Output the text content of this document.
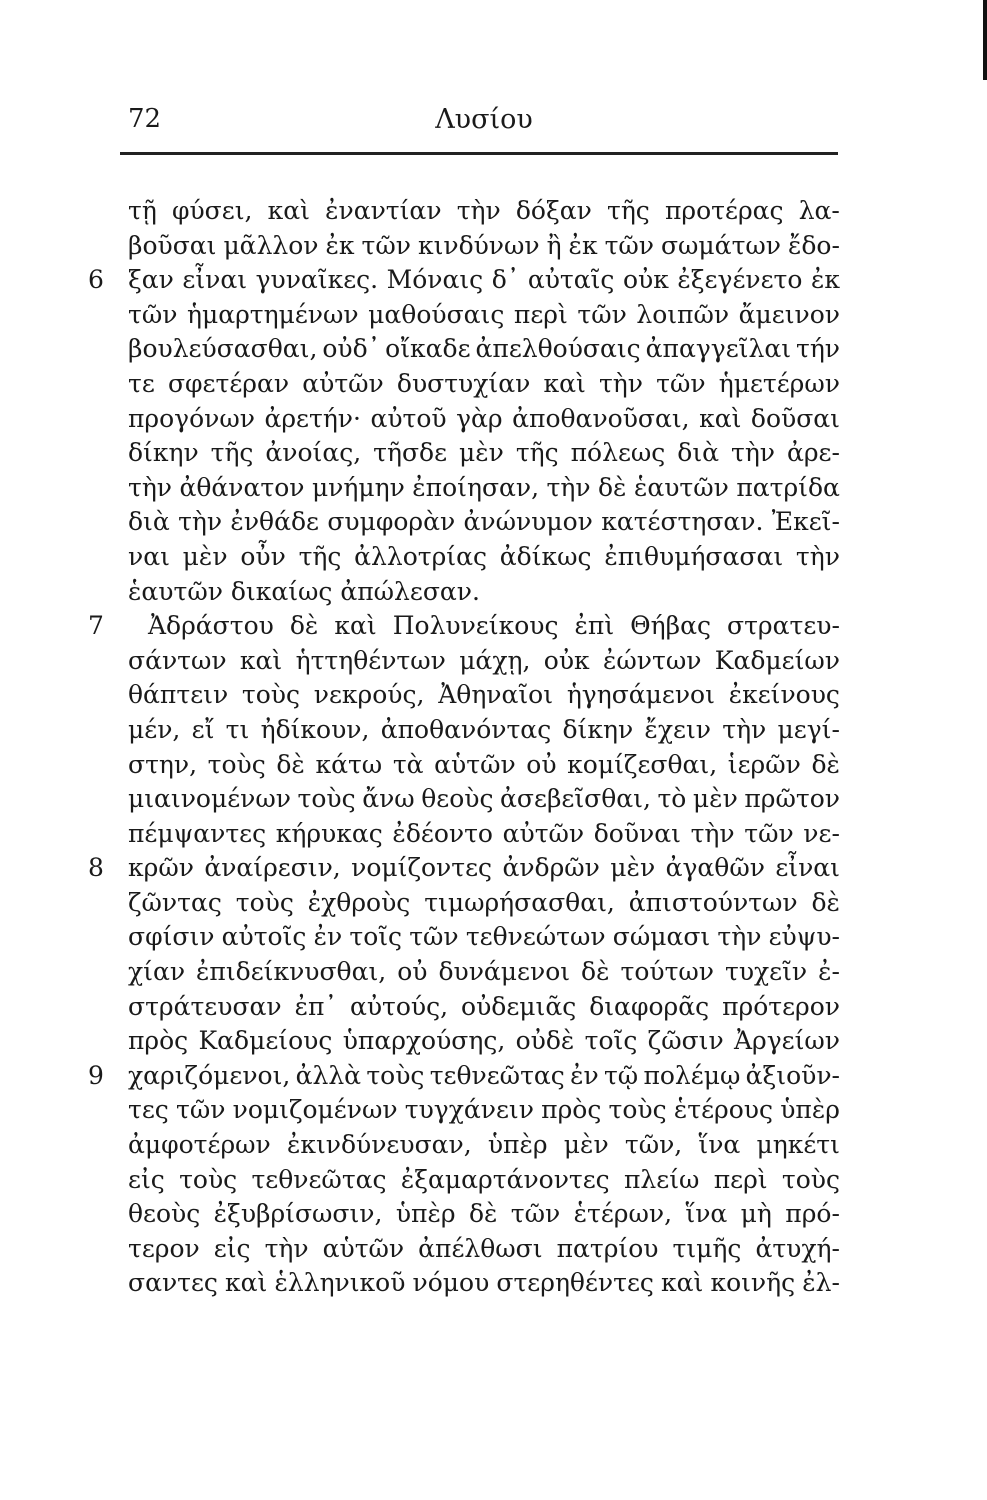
72	Λυσίου
τῇ φύσει, καὶ ἐναντίαν τὴν δόξαν τῆς προτέρας λα-
βοῦσαι μᾶλλον ἐκ τῶν κινδύνων ἢ ἐκ τῶν σωμάτων ἔδο-
ξαν εἶναι γυναῖκες. Μόναις δ᾿ αὐταῖς οὐκ ἐξεγένετο ἐκ
6
τῶν ἡμαρτημένων μαθούσαις περὶ τῶν λοιπῶν ἄμεινον
βουλεύσασθαι, οὐδ᾿ οἴκαδε ἀπελθούσαις ἀπαγγεῖλαι τήν
τε σφετέραν αὐτῶν δυστυχίαν καὶ τὴν τῶν ἡμετέρων
προγόνων ἀρετήν· αὐτοῦ γὰρ ἀποθανοῦσαι, καὶ δοῦσαι
δίκην τῆς ἀνοίας, τῆσδε μὲν τῆς πόλεως διὰ τὴν ἀρε-
τὴν ἀθάνατον μνήμην ἐποίησαν, τὴν δὲ ἑαυτῶν πατρίδα
διὰ τὴν ἐνθάδε συμφορὰν ἀνώνυμον κατέστησαν. Ἐκεῖ-
ναι μὲν οὖν τῆς ἀλλοτρίας ἀδίκως ἐπιθυμήσασαι τὴν
ἑαυτῶν δικαίως ἀπώλεσαν.
Ἀδράστου δὲ καὶ Πολυνείκους ἐπὶ Θήβας στρατευ-
7
σάντων καὶ ἡττηθέντων μάχῃ, οὐκ ἐώντων Καδμείων
θάπτειν τοὺς νεκρούς, Ἀθηναῖοι ἡγησάμενοι ἐκείνους
μέν, εἴ τι ἠδίκουν, ἀποθανόντας δίκην ἔχειν τὴν μεγί-
στην, τοὺς δὲ κάτω τὰ αὑτῶν οὐ κομίζεσθαι, ἱερῶν δὲ
μιαινομένων τοὺς ἄνω θεοὺς ἀσεβεῖσθαι, τὸ μὲν πρῶτον
πέμψαντες κήρυκας ἐδέοντο αὐτῶν δοῦναι τὴν τῶν νε-
κρῶν ἀναίρεσιν, νομίζοντες ἀνδρῶν μὲν ἀγαθῶν εἶναι
8
ζῶντας τοὺς ἐχθροὺς τιμωρήσασθαι, ἀπιστούντων δὲ
σφίσιν αὐτοῖς ἐν τοῖς τῶν τεθνεώτων σώμασι τὴν εὐψυ-
χίαν ἐπιδείκνυσθαι, οὐ δυνάμενοι δὲ τούτων τυχεῖν ἐ-
στράτευσαν ἐπ᾿ αὐτούς, οὐδεμιᾶς διαφορᾶς πρότερον
πρὸς Καδμείους ὑπαρχούσης, οὐδὲ τοῖς ζῶσιν Ἀργείων
χαριζόμενοι, ἀλλὰ τοὺς τεθνεῶτας ἐν τῷ πολέμῳ ἀξιοῦν-
9
τες τῶν νομιζομένων τυγχάνειν πρὸς τοὺς ἑτέρους ὑπὲρ
ἀμφοτέρων ἐκινδύνευσαν, ὑπὲρ μὲν τῶν, ἵνα μηκέτι
εἰς τοὺς τεθνεῶτας ἐξαμαρτάνοντες πλείω περὶ τοὺς
θεοὺς ἐξυβρίσωσιν, ὑπὲρ δὲ τῶν ἑτέρων, ἵνα μὴ πρό-
τερον εἰς τὴν αὑτῶν ἀπέλθωσι πατρίου τιμῆς ἀτυχή-
σαντες καὶ ἑλληνικοῦ νόμου στερηθέντες καὶ κοινῆς ἐλ-
